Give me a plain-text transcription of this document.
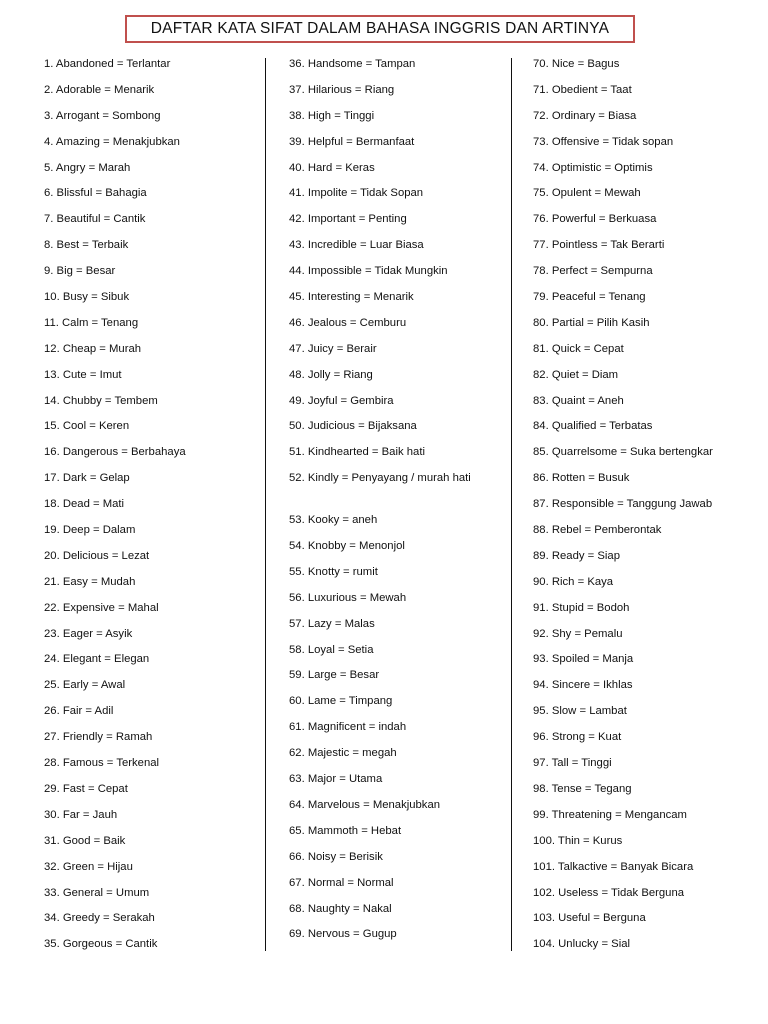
DAFTAR KATA SIFAT DALAM BAHASA INGGRIS DAN ARTINYA
1. Abandoned = Terlantar
2. Adorable = Menarik
3. Arrogant = Sombong
4. Amazing = Menakjubkan
5. Angry = Marah
6. Blissful = Bahagia
7. Beautiful = Cantik
8. Best = Terbaik
9. Big = Besar
10. Busy = Sibuk
11. Calm = Tenang
12. Cheap = Murah
13. Cute = Imut
14. Chubby = Tembem
15. Cool = Keren
16. Dangerous = Berbahaya
17. Dark = Gelap
18. Dead = Mati
19. Deep = Dalam
20. Delicious = Lezat
21. Easy = Mudah
22. Expensive = Mahal
23. Eager = Asyik
24. Elegant = Elegan
25. Early = Awal
26. Fair = Adil
27. Friendly = Ramah
28. Famous = Terkenal
29. Fast = Cepat
30. Far = Jauh
31. Good = Baik
32. Green = Hijau
33. General = Umum
34. Greedy = Serakah
35. Gorgeous = Cantik
36. Handsome = Tampan
37. Hilarious = Riang
38. High = Tinggi
39. Helpful = Bermanfaat
40. Hard = Keras
41. Impolite = Tidak Sopan
42. Important = Penting
43. Incredible = Luar Biasa
44. Impossible = Tidak Mungkin
45. Interesting = Menarik
46. Jealous = Cemburu
47. Juicy = Berair
48. Jolly = Riang
49. Joyful = Gembira
50. Judicious = Bijaksana
51. Kindhearted = Baik hati
52. Kindly = Penyayang / murah hati
53. Kooky = aneh
54. Knobby = Menonjol
55. Knotty = rumit
56. Luxurious = Mewah
57. Lazy = Malas
58. Loyal = Setia
59. Large = Besar
60. Lame = Timpang
61. Magnificent = indah
62. Majestic = megah
63. Major = Utama
64. Marvelous = Menakjubkan
65. Mammoth = Hebat
66. Noisy = Berisik
67. Normal = Normal
68. Naughty = Nakal
69. Nervous = Gugup
70. Nice = Bagus
71. Obedient = Taat
72. Ordinary = Biasa
73. Offensive = Tidak sopan
74. Optimistic = Optimis
75. Opulent = Mewah
76. Powerful = Berkuasa
77. Pointless = Tak Berarti
78. Perfect = Sempurna
79. Peaceful = Tenang
80. Partial = Pilih Kasih
81. Quick = Cepat
82. Quiet = Diam
83. Quaint = Aneh
84. Qualified = Terbatas
85. Quarrelsome = Suka bertengkar
86. Rotten = Busuk
87. Responsible = Tanggung Jawab
88. Rebel = Pemberontak
89. Ready = Siap
90. Rich = Kaya
91. Stupid = Bodoh
92. Shy = Pemalu
93. Spoiled = Manja
94. Sincere = Ikhlas
95. Slow = Lambat
96. Strong = Kuat
97. Tall = Tinggi
98. Tense = Tegang
99. Threatening = Mengancam
100. Thin = Kurus
101. Talkactive = Banyak Bicara
102. Useless = Tidak Berguna
103. Useful = Berguna
104. Unlucky = Sial
